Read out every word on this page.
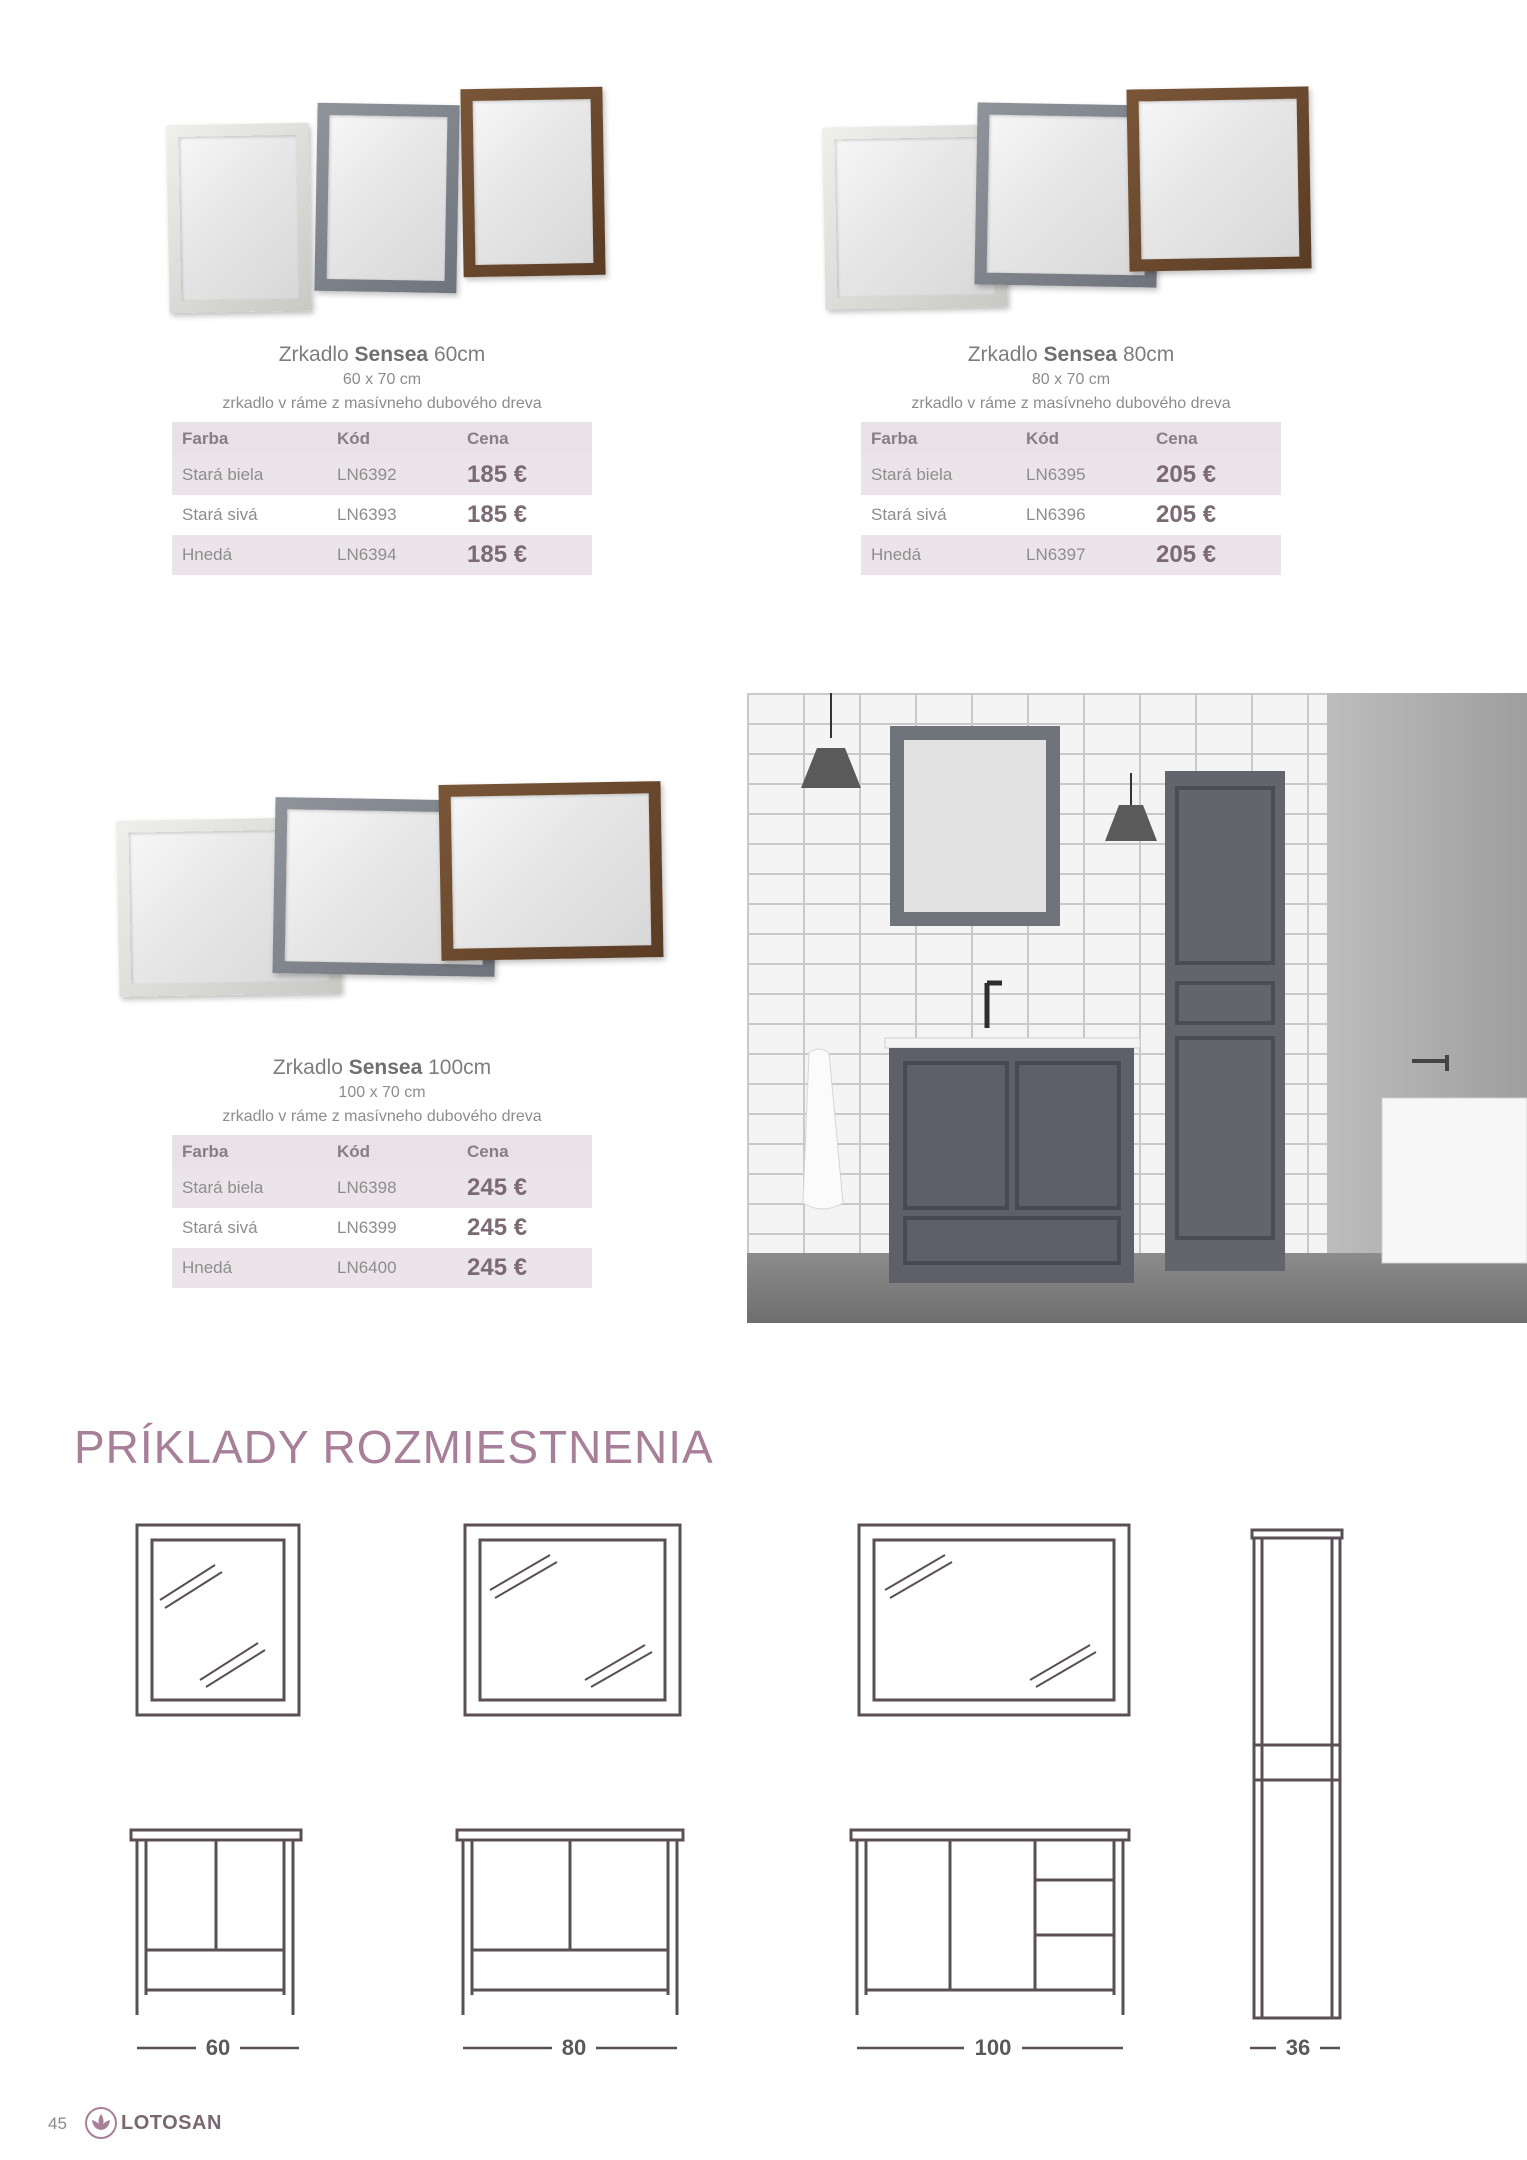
Zrkadlo Sensea 60cm

60 x 70 cm
zrkadlo v ráme z masívneho dubového dreva
Farba	Kód	Cena
Stará biela	LN6392	185 €
Stará sivá	LN6393	185 €
Hnedá	LN6394	185 €

Zrkadlo Sensea 80cm

80 x 70 cm
zrkadlo v ráme z masívneho dubového dreva
Farba	Kód	Cena
Stará biela	LN6395	205 €
Stará sivá	LN6396	205 €
Hnedá	LN6397	205 €

Zrkadlo Sensea 100cm

100 x 70 cm
zrkadlo v ráme z masívneho dubového dreva
Farba	Kód	Cena
Stará biela	LN6398	245 €
Stará sivá	LN6399	245 €
Hnedá	LN6400	245 €
PRÍKLADY ROZMIESTNENIA
60	80	100	36
45	LOTOSAN
